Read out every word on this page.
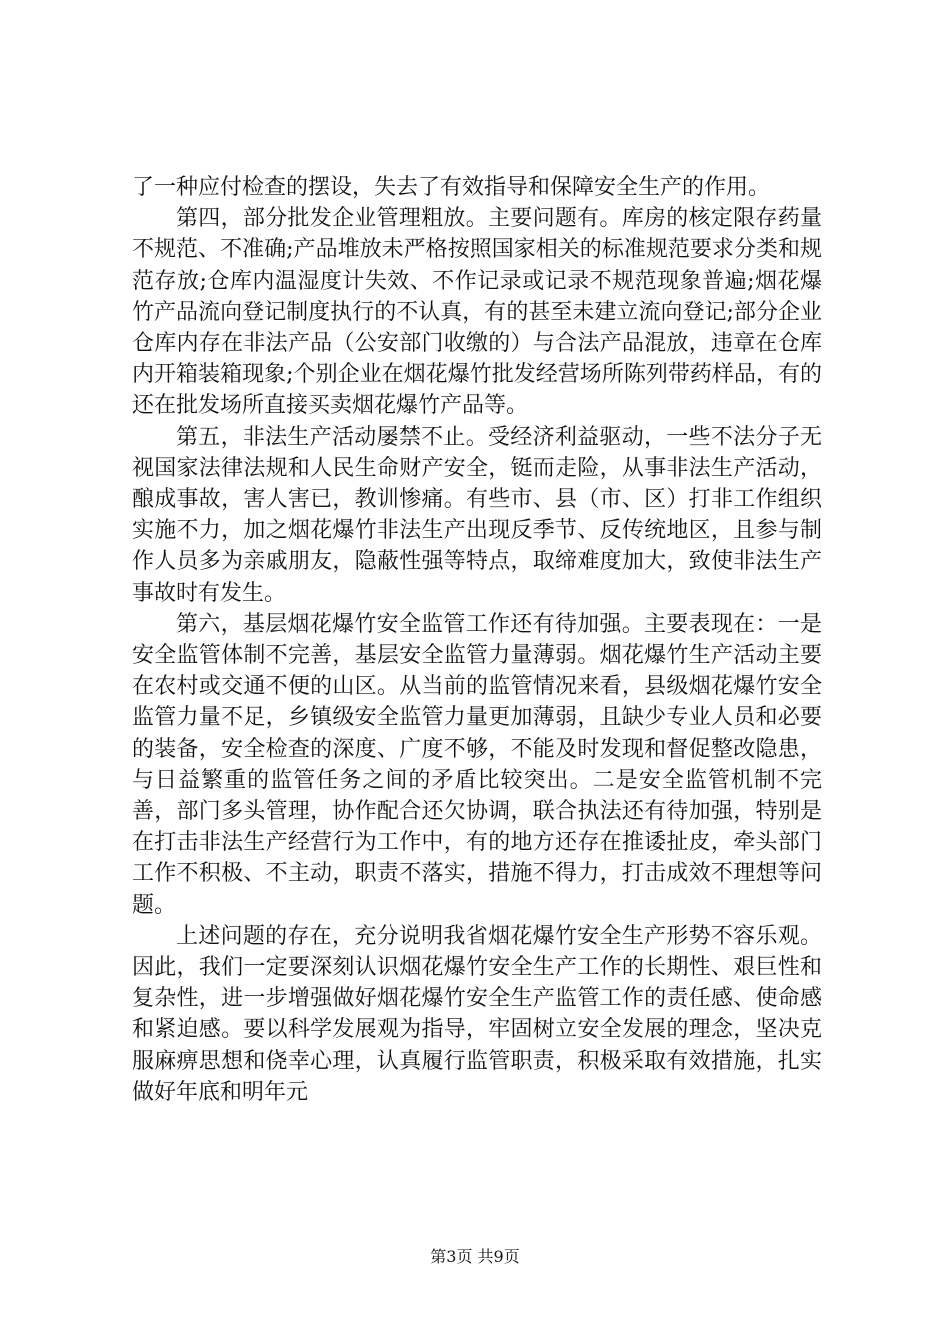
了一种应付检查的摆设，失去了有效指导和保障安全生产的作用。

第四，部分批发企业管理粗放。主要问题有。库房的核定限存药量不规范、不准确;产品堆放未严格按照国家相关的标准规范要求分类和规范存放;仓库内温湿度计失效、不作记录或记录不规范现象普遍;烟花爆竹产品流向登记制度执行的不认真，有的甚至未建立流向登记;部分企业仓库内存在非法产品（公安部门收缴的）与合法产品混放，违章在仓库内开箱装箱现象;个别企业在烟花爆竹批发经营场所陈列带药样品，有的还在批发场所直接买卖烟花爆竹产品等。

第五，非法生产活动屡禁不止。受经济利益驱动，一些不法分子无视国家法律法规和人民生命财产安全，铤而走险，从事非法生产活动，酿成事故，害人害已，教训惨痛。有些市、县（市、区）打非工作组织实施不力，加之烟花爆竹非法生产出现反季节、反传统地区，且参与制作人员多为亲戚朋友，隐蔽性强等特点，取缔难度加大，致使非法生产事故时有发生。

第六，基层烟花爆竹安全监管工作还有待加强。主要表现在：一是安全监管体制不完善，基层安全监管力量薄弱。烟花爆竹生产活动主要在农村或交通不便的山区。从当前的监管情况来看，县级烟花爆竹安全监管力量不足，乡镇级安全监管力量更加薄弱，且缺少专业人员和必要的装备，安全检查的深度、广度不够，不能及时发现和督促整改隐患，与日益繁重的监管任务之间的矛盾比较突出。二是安全监管机制不完善，部门多头管理，协作配合还欠协调，联合执法还有待加强，特别是在打击非法生产经营行为工作中，有的地方还存在推诿扯皮，牵头部门工作不积极、不主动，职责不落实，措施不得力，打击成效不理想等问题。

上述问题的存在，充分说明我省烟花爆竹安全生产形势不容乐观。因此，我们一定要深刻认识烟花爆竹安全生产工作的长期性、艰巨性和复杂性，进一步增强做好烟花爆竹安全生产监管工作的责任感、使命感和紧迫感。要以科学发展观为指导，牢固树立安全发展的理念，坚决克服麻痹思想和侥幸心理，认真履行监管职责，积极采取有效措施，扎实做好年底和明年元

第3页 共9页
